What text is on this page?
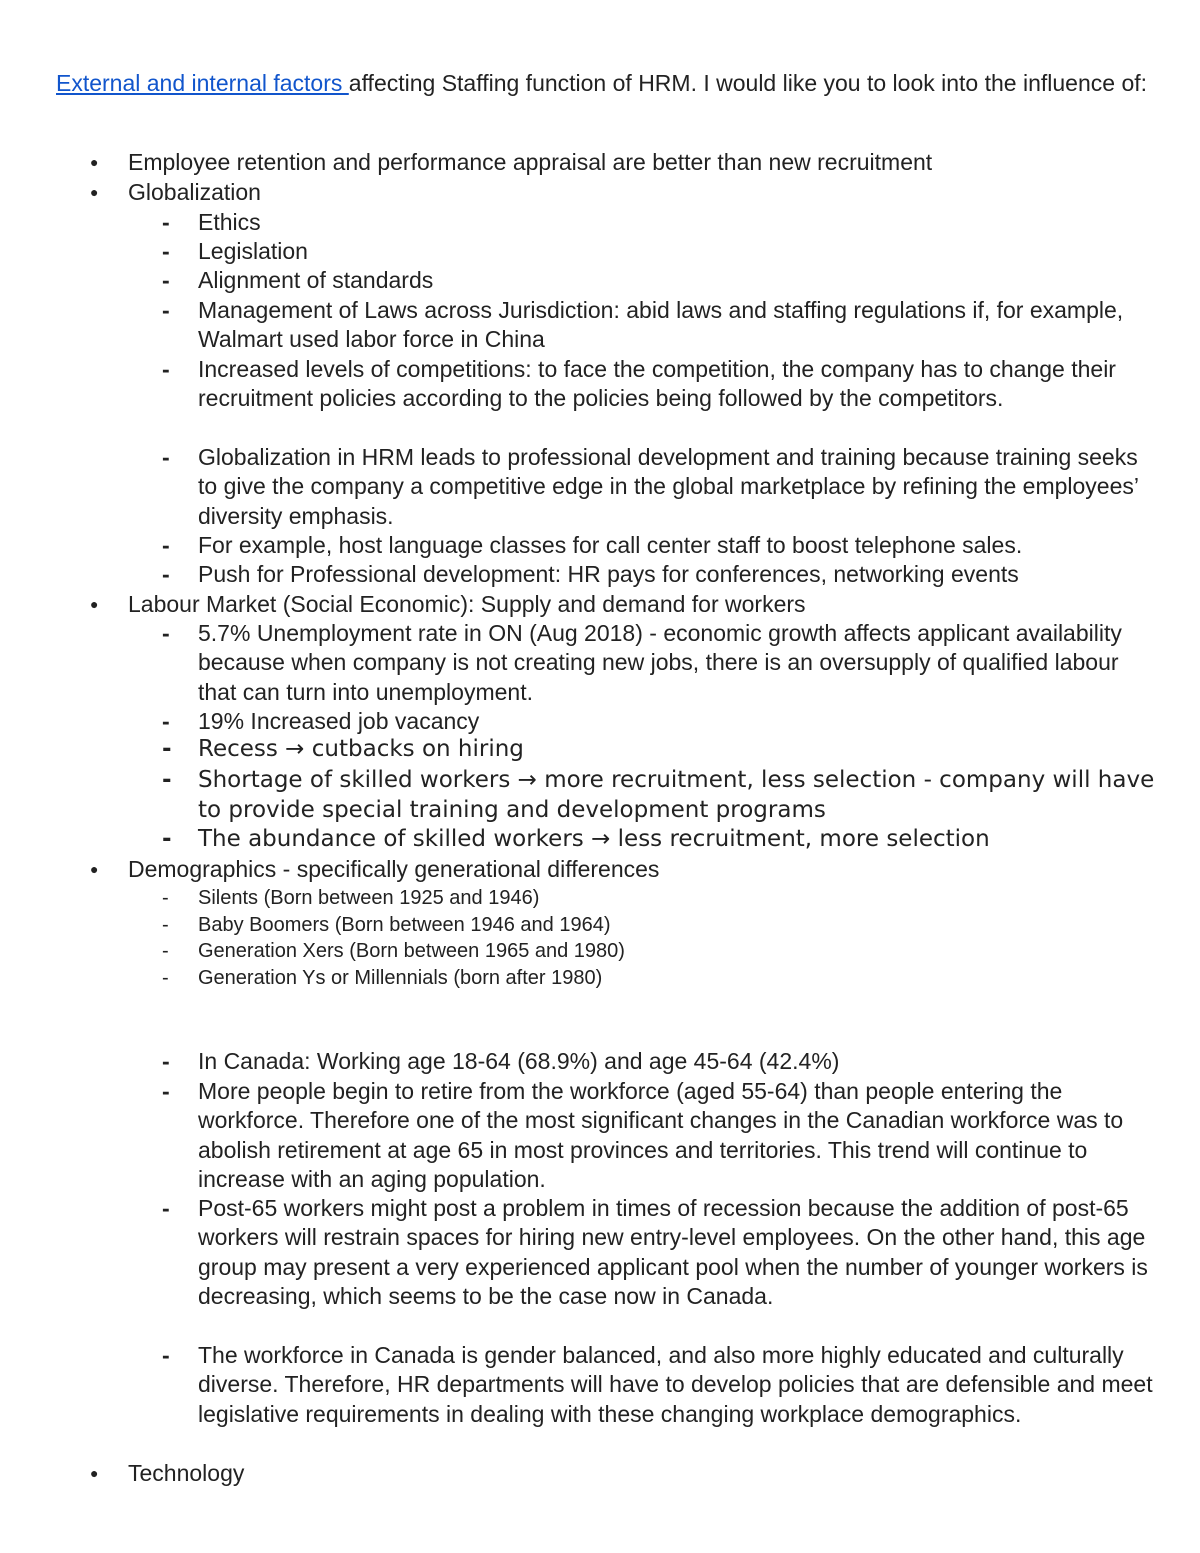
External and internal factors affecting Staffing function of HRM. I would like you to look into the influence of:

● Employee retention and performance appraisal are better than new recruitment

● Globalization

- Ethics

- Legislation

- Alignment of standards

- Management of Laws across Jurisdiction: abid laws and staffing regulations if, for example, Walmart used labor force in China

- Increased levels of competitions: to face the competition, the company has to change their recruitment policies according to the policies being followed by the competitors.

- Globalization in HRM leads to professional development and training because training seeks to give the company a competitive edge in the global marketplace by refining the employees’ diversity emphasis.

- For example, host language classes for call center staff to boost telephone sales.

- Push for Professional development: HR pays for conferences, networking events

● Labour Market (Social Economic): Supply and demand for workers

- 5.7% Unemployment rate in ON (Aug 2018) - economic growth affects applicant availability because when company is not creating new jobs, there is an oversupply of qualified labour that can turn into unemployment.

- 19% Increased job vacancy

- Recess → cutbacks on hiring

- Shortage of skilled workers → more recruitment, less selection - company will have to provide special training and development programs

- The abundance of skilled workers → less recruitment, more selection

● Demographics - specifically generational differences

- Silents (Born between 1925 and 1946)

- Baby Boomers (Born between 1946 and 1964)

- Generation Xers (Born between 1965 and 1980)

- Generation Ys or Millennials (born after 1980)

- In Canada: Working age 18-64 (68.9%) and age 45-64 (42.4%)

- More people begin to retire from the workforce (aged 55-64) than people entering the workforce. Therefore one of the most significant changes in the Canadian workforce was to abolish retirement at age 65 in most provinces and territories. This trend will continue to increase with an aging population.

- Post-65 workers might post a problem in times of recession because the addition of post-65 workers will restrain spaces for hiring new entry-level employees. On the other hand, this age group may present a very experienced applicant pool when the number of younger workers is decreasing, which seems to be the case now in Canada.

- The workforce in Canada is gender balanced, and also more highly educated and culturally diverse. Therefore, HR departments will have to develop policies that are defensible and meet legislative requirements in dealing with these changing workplace demographics.

● Technology
